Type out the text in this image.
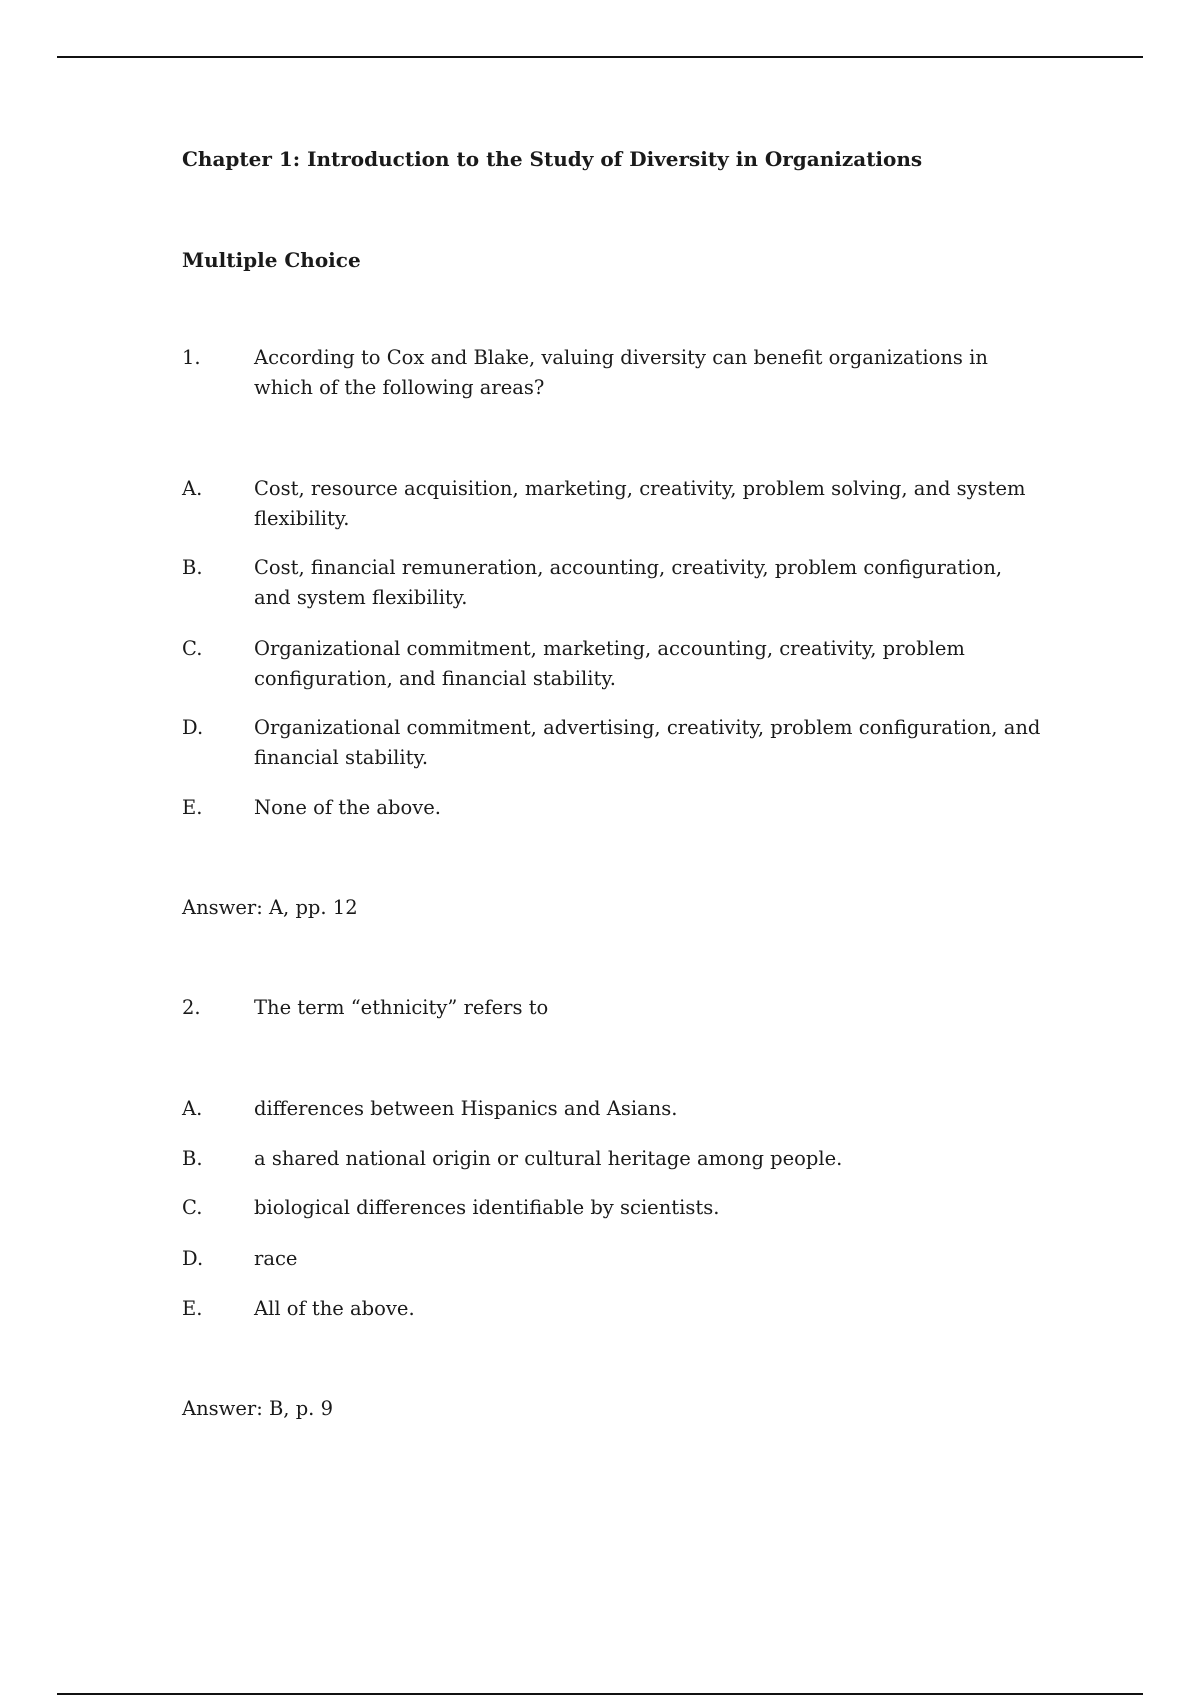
Chapter 1: Introduction to the Study of Diversity in Organizations
Multiple Choice
1.	According to Cox and Blake, valuing diversity can benefit organizations in which of the following areas?
A.	Cost, resource acquisition, marketing, creativity, problem solving, and system flexibility.
B.	Cost, financial remuneration, accounting, creativity, problem configuration, and system flexibility.
C.	Organizational commitment, marketing, accounting, creativity, problem configuration, and financial stability.
D.	Organizational commitment, advertising, creativity, problem configuration, and financial stability.
E.	None of the above.
Answer: A, pp. 12
2.	The term “ethnicity” refers to
A.	differences between Hispanics and Asians.
B.	a shared national origin or cultural heritage among people.
C.	biological differences identifiable by scientists.
D.	race
E.	All of the above.
Answer: B, p. 9
